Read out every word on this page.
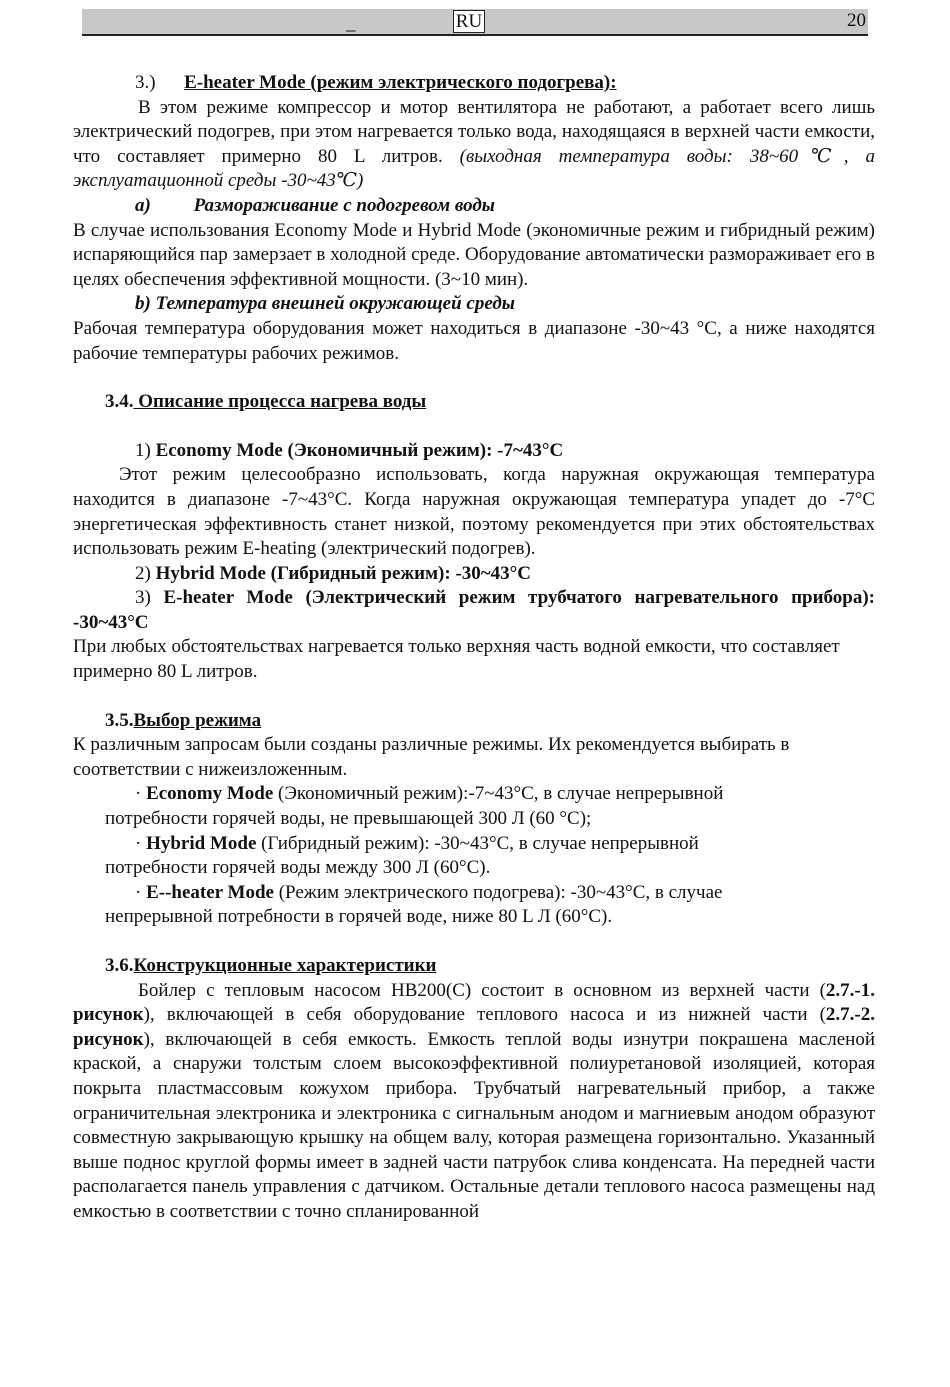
_	RU	20

3.) E-heater Mode (режим электрического подогрева):

В этом режиме компрессор и мотор вентилятора не работают, а работает всего лишь электрический подогрев, при этом нагревается только вода, находящаяся в верхней части емкости, что составляет примерно 80 L литров. (выходная температура воды: 38~60℃, а эксплуатационной среды -30~43℃)

a) Размораживание с подогревом воды

В случае использования Economy Mode и Hybrid Mode (экономичные режим и гибридный режим) испаряющийся пар замерзает в холодной среде. Оборудование автоматически размораживает его в целях обеспечения эффективной мощности. (3~10 мин).

b) Температура внешней окружающей среды

Рабочая температура оборудования может находиться в диапазоне -30~43 °C, а ниже находятся рабочие температуры рабочих режимов.

3.4. Описание процесса нагрева воды

1) Economy Mode (Экономичный режим): -7~43°C

Этот режим целесообразно использовать, когда наружная окружающая температура находится в диапазоне -7~43°C. Когда наружная окружающая температура упадет до -7°C энергетическая эффективность станет низкой, поэтому рекомендуется при этих обстоятельствах использовать режим E-heating (электрический подогрев).

2) Hybrid Mode (Гибридный режим): -30~43°C

3) E-heater Mode (Электрический режим трубчатого нагревательного прибора): -30~43°C

При любых обстоятельствах нагревается только верхняя часть водной емкости, что составляет примерно 80 L литров.

3.5.Выбор режима

К различным запросам были созданы различные режимы. Их рекомендуется выбирать в соответствии с нижеизложенным.

· Economy Mode (Экономичный режим):-7~43°C, в случае непрерывной

потребности горячей воды, не превышающей 300 Л (60 °C);

· Hybrid Mode (Гибридный режим): -30~43°C, в случае непрерывной

потребности горячей воды между 300 Л (60°C).

· E--heater Mode (Режим электрического подогрева): -30~43°C, в случае

непрерывной потребности в горячей воде, ниже 80 L Л (60°C).

3.6.Конструкционные характеристики

Бойлер с тепловым насосом HB200(C) состоит в основном из верхней части (2.7.-1. рисунок), включающей в себя оборудование теплового насоса и из нижней части (2.7.-2. рисунок), включающей в себя емкость. Емкость теплой воды изнутри покрашена масленой краской, а снаружи толстым слоем высокоэффективной полиуретановой изоляцией, которая покрыта пластмассовым кожухом прибора. Трубчатый нагревательный прибор, а также ограничительная электроника и электроника с сигнальным анодом и магниевым анодом образуют совместную закрывающую крышку на общем валу, которая размещена горизонтально. Указанный выше поднос круглой формы имеет в задней части патрубок слива конденсата. На передней части располагается панель управления с датчиком. Остальные детали теплового насоса размещены над емкостью в соответствии с точно спланированной
